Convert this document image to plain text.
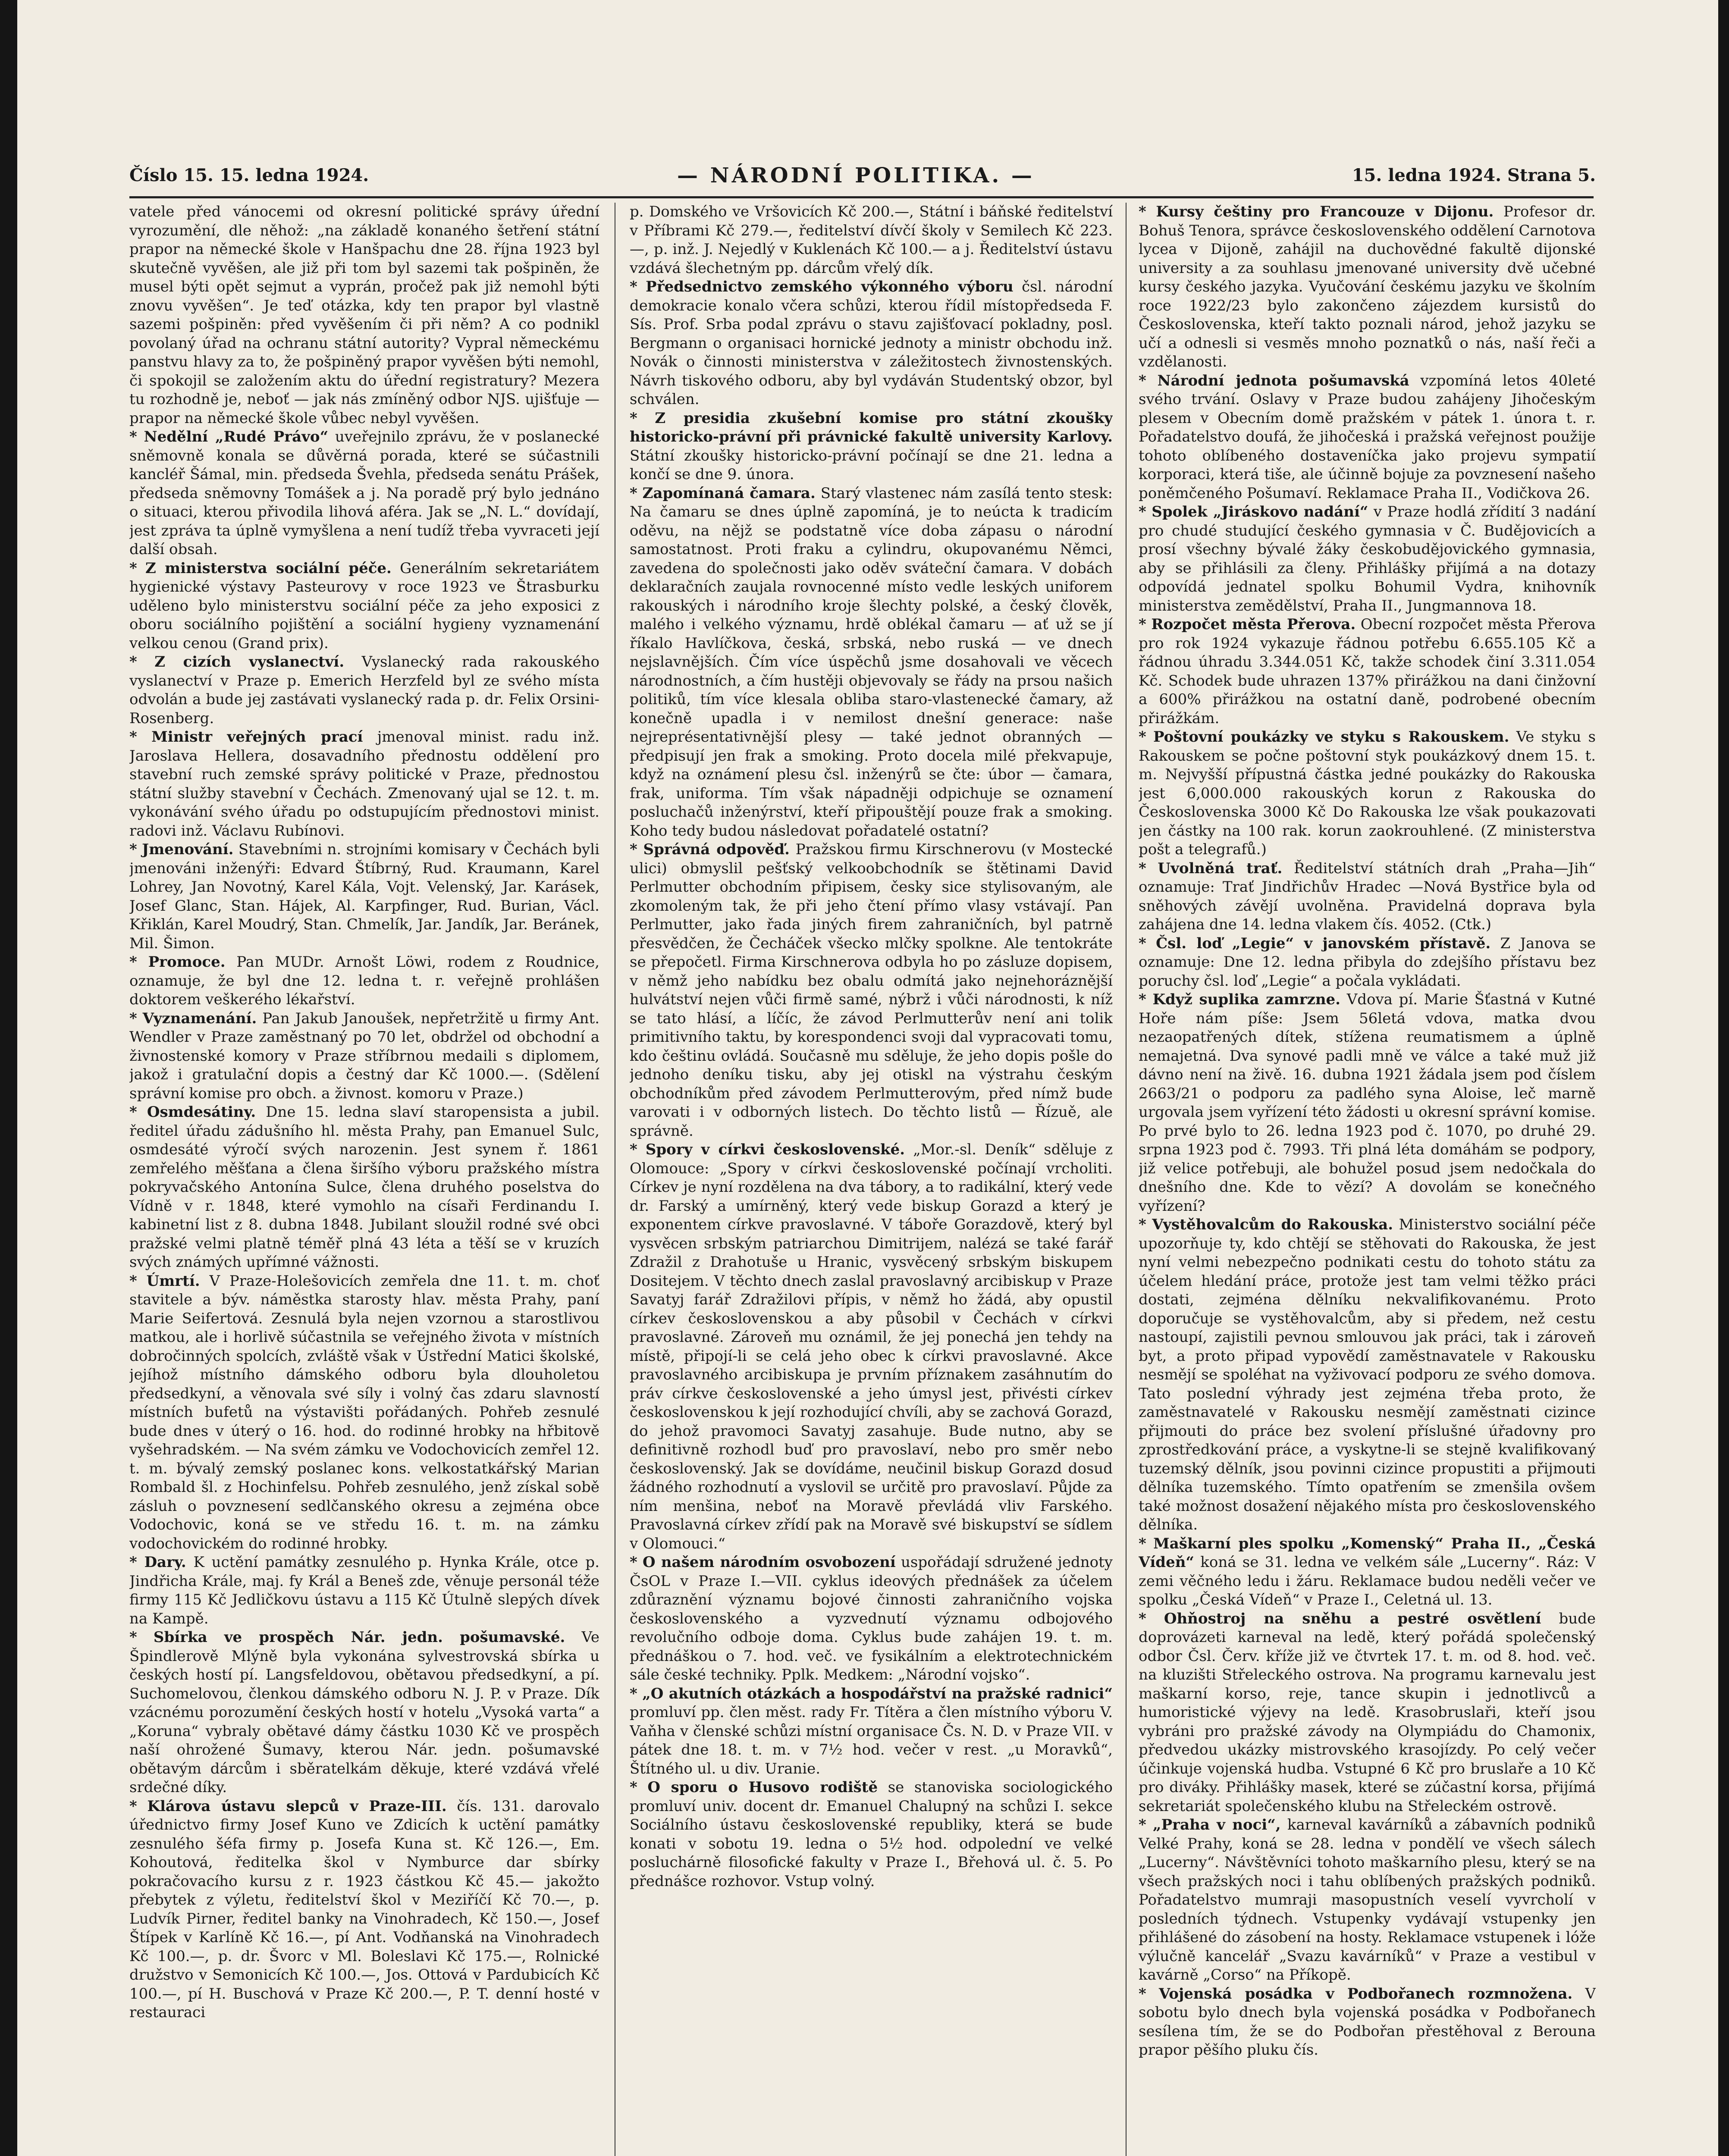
Číslo 15. 15. ledna 1924.	— NÁRODNÍ POLITIKA. —	15. ledna 1924. Strana 5.

vatele před vánocemi od okresní politické správy úřední vyrozumění, dle něhož: „na základě konaného šetření státní prapor na německé škole v Hanšpachu dne 28. října 1923 byl skutečně vyvěšen, ale již při tom byl sazemi tak pošpiněn, že musel býti opět sejmut a vyprán, pročež pak již nemohl býti znovu vyvěšen“. Je teď otázka, kdy ten prapor byl vlastně sazemi pošpiněn: před vyvěšením či při něm? A co podnikl povolaný úřad na ochranu státní autority? Vypral německému panstvu hlavy za to, že pošpiněný prapor vyvěšen býti nemohl, či spokojil se založením aktu do úřední registratury? Mezera tu rozhodně je, neboť — jak nás zmíněný odbor NJS. ujišťuje — prapor na německé škole vůbec nebyl vyvěšen.

* Nedělní „Rudé Právo“ uveřejnilo zprávu, že v poslanecké sněmovně konala se důvěrná porada, které se súčastnili kancléř Šámal, min. předseda Švehla, předseda senátu Prášek, předseda sněmovny Tomášek a j. Na poradě prý bylo jednáno o situaci, kterou přivodila lihová aféra. Jak se „N. L.“ dovídají, jest zpráva ta úplně vymyšlena a není tudíž třeba vyvraceti její další obsah.

* Z ministerstva sociální péče. Generálním sekretariátem hygienické výstavy Pasteurovy v roce 1923 ve Štrasburku uděleno bylo ministerstvu sociální péče za jeho exposici z oboru sociálního pojištění a sociální hygieny vyznamenání velkou cenou (Grand prix).

* Z cizích vyslanectví. Vyslanecký rada rakouského vyslanectví v Praze p. Emerich Herzfeld byl ze svého místa odvolán a bude jej zastávati vyslanecký rada p. dr. Felix Orsini-Rosenberg.

* Ministr veřejných prací jmenoval minist. radu inž. Jaroslava Hellera, dosavadního přednostu oddělení pro stavební ruch zemské správy politické v Praze, přednostou státní služby stavební v Čechách. Zmenovaný ujal se 12. t. m. vykonávání svého úřadu po odstupujícím přednostovi minist. radovi inž. Václavu Rubínovi.

* Jmenování. Stavebními n. strojními komisary v Čechách byli jmenováni inženýři: Edvard Štíbrný, Rud. Kraumann, Karel Lohrey, Jan Novotný, Karel Kála, Vojt. Velenský, Jar. Karásek, Josef Glanc, Stan. Hájek, Al. Karpfinger, Rud. Burian, Václ. Křiklán, Karel Moudrý, Stan. Chmelík, Jar. Jandík, Jar. Beránek, Mil. Šimon.

* Promoce. Pan MUDr. Arnošt Löwi, rodem z Roudnice, oznamuje, že byl dne 12. ledna t. r. veřejně prohlášen doktorem veškerého lékařství.

* Vyznamenání. Pan Jakub Janoušek, nepřetržitě u firmy Ant. Wendler v Praze zaměstnaný po 70 let, obdržel od obchodní a živnostenské komory v Praze stříbrnou medaili s diplomem, jakož i gratulační dopis a čestný dar Kč 1000.—. (Sdělení správní komise pro obch. a živnost. komoru v Praze.)

* Osmdesátiny. Dne 15. ledna slaví staropensista a jubil. ředitel úřadu zádušního hl. města Prahy, pan Emanuel Sulc, osmdesáté výročí svých narozenin. Jest synem ř. 1861 zemřelého měšťana a člena širšího výboru pražského místra pokryvačského Antonína Sulce, člena druhého poselstva do Vídně v r. 1848, které vymohlo na císaři Ferdinandu I. kabinetní list z 8. dubna 1848. Jubilant sloužil rodné své obci pražské velmi platně téměř plná 43 léta a těší se v kruzích svých známých upřímné vážnosti.

* Úmrtí. V Praze-Holešovicích zemřela dne 11. t. m. choť stavitele a býv. náměstka starosty hlav. města Prahy, paní Marie Seifertová. Zesnulá byla nejen vzornou a starostlivou matkou, ale i horlivě súčastnila se veřejného života v místních dobročinných spolcích, zvláště však v Ústřední Matici školské, jejíhož místního dámského odboru byla dlouholetou předsedkyní, a věnovala své síly i volný čas zdaru slavností místních bufetů na výstavišti pořádaných. Pohřeb zesnulé bude dnes v úterý o 16. hod. do rodinné hrobky na hřbitově vyšehradském. — Na svém zámku ve Vodochovicích zemřel 12. t. m. bývalý zemský poslanec kons. velkostatkářský Marian Rombald šl. z Hochinfelsu. Pohřeb zesnulého, jenž získal sobě zásluh o povznesení sedlčanského okresu a zejména obce Vodochovic, koná se ve středu 16. t. m. na zámku vodochovickém do rodinné hrobky.

* Dary. K uctění památky zesnulého p. Hynka Krále, otce p. Jindřicha Krále, maj. fy Král a Beneš zde, věnuje personál téže firmy 115 Kč Jedličkovu ústavu a 115 Kč Útulně slepých dívek na Kampě.

* Sbírka ve prospěch Nár. jedn. pošumavské. Ve Špindlerově Mlýně byla vykonána sylvestrovská sbírka u českých hostí pí. Langsfeldovou, obětavou předsedkyní, a pí. Suchomelovou, členkou dámského odboru N. J. P. v Praze. Dík vzácnému porozumění českých hostí v hotelu „Vysoká varta“ a „Koruna“ vybraly obětavé dámy částku 1030 Kč ve prospěch naší ohrožené Šumavy, kterou Nár. jedn. pošumavské obětavým dárcům i sběratelkám děkuje, které vzdává vřelé srdečné díky.

* Klárova ústavu slepců v Praze-III. čís. 131. darovalo úřednictvo firmy Josef Kuno ve Zdicích k uctění památky zesnulého šéfa firmy p. Josefa Kuna st. Kč 126.—, Em. Kohoutová, ředitelka škol v Nymburce dar sbírky pokračovacího kursu z r. 1923 částkou Kč 45.— jakožto přebytek z výletu, ředitelství škol v Meziříčí Kč 70.—, p. Ludvík Pirner, ředitel banky na Vinohradech, Kč 150.—, Josef Štípek v Karlíně Kč 16.—, pí Ant. Vodňanská na Vinohradech Kč 100.—, p. dr. Švorc v Ml. Boleslavi Kč 175.—, Rolnické družstvo v Semonicích Kč 100.—, Jos. Ottová v Pardubicích Kč 100.—, pí H. Buschová v Praze Kč 200.—, P. T. denní hosté v restauraci

p. Domského ve Vršovicích Kč 200.—, Státní i báňské ředitelství v Příbrami Kč 279.—, ředitelství dívčí školy v Semilech Kč 223.—, p. inž. J. Nejedlý v Kuklenách Kč 100.— a j. Ředitelství ústavu vzdává šlechetným pp. dárcům vřelý dík.

* Předsednictvo zemského výkonného výboru čsl. národní demokracie konalo včera schůzi, kterou řídil místopředseda F. Sís. Prof. Srba podal zprávu o stavu zajišťovací pokladny, posl. Bergmann o organisaci hornické jednoty a ministr obchodu inž. Novák o činnosti ministerstva v záležitostech živnostenských. Návrh tiskového odboru, aby byl vydáván Studentský obzor, byl schválen.

* Z presidia zkušební komise pro státní zkoušky historicko-právní při právnické fakultě university Karlovy. Státní zkoušky historicko-právní počínají se dne 21. ledna a končí se dne 9. února.

* Zapomínaná čamara. Starý vlastenec nám zasílá tento stesk: Na čamaru se dnes úplně zapomíná, je to neúcta k tradicím oděvu, na nějž se podstatně více doba zápasu o národní samostatnost. Proti fraku a cylindru, okupovanému Němci, zavedena do společnosti jako oděv sváteční čamara. V dobách deklaračních zaujala rovnocenné místo vedle leských uniforem rakouských i národního kroje šlechty polské, a český člověk, malého i velkého významu, hrdě oblékal čamaru — ať už se jí říkalo Havlíčkova, česká, srbská, nebo ruská — ve dnech nejslavnějších. Čím více úspěchů jsme dosahovali ve věcech národnostních, a čím hustěji objevovaly se řády na prsou našich politiků, tím více klesala obliba staro-vlastenecké čamary, až konečně upadla i v nemilost dnešní generace: naše nejreprésentativnější plesy — také jednot obranných — předpisují jen frak a smoking. Proto docela milé překvapuje, když na oznámení plesu čsl. inženýrů se čte: úbor — čamara, frak, uniforma. Tím však nápadněji odpichuje se oznamení posluchačů inženýrství, kteří připouštějí pouze frak a smoking. Koho tedy budou následovat pořadatelé ostatní?

* Správná odpověď. Pražskou firmu Kirschnerovu (v Mostecké ulici) obmyslil pešťský velkoobchodník se štětinami David Perlmutter obchodním připisem, česky sice stylisovaným, ale zkomoleným tak, že při jeho čtení přímo vlasy vstávají. Pan Perlmutter, jako řada jiných firem zahraničních, byl patrně přesvědčen, že Čecháček všecko mlčky spolkne. Ale tentokráte se přepočetl. Firma Kirschnerova odbyla ho po zásluze dopisem, v němž jeho nabídku bez obalu odmítá jako nejnehoráznější hulvátství nejen vůči firmě samé, nýbrž i vůči národnosti, k níž se tato hlásí, a líčíc, že závod Perlmutterův není ani tolik primitivního taktu, by korespondenci svoji dal vypracovati tomu, kdo češtinu ovládá. Současně mu sděluje, že jeho dopis pošle do jednoho deníku tisku, aby jej otiskl na výstrahu českým obchodníkům před závodem Perlmutterovým, před nímž bude varovati i v odborných listech. Do těchto listů — Řízuě, ale správně.

* Spory v církvi československé. „Mor.-sl. Deník“ sděluje z Olomouce: „Spory v církvi československé počínají vrcholiti. Církev je nyní rozdělena na dva tábory, a to radikální, který vede dr. Farský a umírněný, který vede biskup Gorazd a který je exponentem církve pravoslavné. V táboře Gorazdově, který byl vysvěcen srbským patriarchou Dimitrijem, nalézá se také farář Zdražil z Drahotuše u Hranic, vysvěcený srbským biskupem Dositejem. V těchto dnech zaslal pravoslavný arcibiskup v Praze Savatyj farář Zdražilovi přípis, v němž ho žádá, aby opustil církev československou a aby působil v Čechách v církvi pravoslavné. Zároveň mu oznámil, že jej ponechá jen tehdy na místě, připojí-li se celá jeho obec k církvi pravoslavné. Akce pravoslavného arcibiskupa je prvním příznakem zasáhnutím do práv církve československé a jeho úmysl jest, přivésti církev československou k její rozhodující chvíli, aby se zachová Gorazd, do jehož pravomoci Savatyj zasahuje. Bude nutno, aby se definitivně rozhodl buď pro pravoslaví, nebo pro směr nebo československý. Jak se dovídáme, neučinil biskup Gorazd dosud žádného rozhodnutí a vyslovil se určitě pro pravoslaví. Půjde za ním menšina, neboť na Moravě převládá vliv Farského. Pravoslavná církev zřídí pak na Moravě své biskupství se sídlem v Olomouci.“

* O našem národním osvobození uspořádají sdružené jednoty ČsOL v Praze I.—VII. cyklus ideových přednášek za účelem zdůraznění významu bojové činnosti zahraničního vojska československého a vyzvednutí významu odbojového revolučního odboje doma. Cyklus bude zahájen 19. t. m. přednáškou o 7. hod. več. ve fysikálním a elektrotechnickém sále české techniky. Pplk. Medkem: „Národní vojsko“.

* „O akutních otázkách a hospodářství na pražské radnici“ promluví pp. člen měst. rady Fr. Títěra a člen místního výboru V. Vaňha v členské schůzi místní organisace Čs. N. D. v Praze VII. v pátek dne 18. t. m. v 7½ hod. večer v rest. „u Moravků“, Štítného ul. u div. Uranie.

* O sporu o Husovo rodiště se stanoviska sociologického promluví univ. docent dr. Emanuel Chalupný na schůzi I. sekce Sociálního ústavu československé republiky, která se bude konati v sobotu 19. ledna o 5½ hod. odpolední ve velké posluchárně filosofické fakulty v Praze I., Břehová ul. č. 5. Po přednášce rozhovor. Vstup volný.

* Kursy češtiny pro Francouze v Dijonu. Profesor dr. Bohuš Tenora, správce československého oddělení Carnotova lycea v Dijoně, zahájil na duchovědné fakultě dijonské university a za souhlasu jmenované university dvě učebné kursy českého jazyka. Vyučování českému jazyku ve školním roce 1922/23 bylo zakončeno zájezdem kursistů do Československa, kteří takto poznali národ, jehož jazyku se učí a odnesli si vesměs mnoho poznatků o nás, naší řeči a vzdělanosti.

* Národní jednota pošumavská vzpomíná letos 40leté svého trvání. Oslavy v Praze budou zahájeny Jihočeským plesem v Obecním domě pražském v pátek 1. února t. r. Pořadatelstvo doufá, že jihočeská i pražská veřejnost použije tohoto oblíbeného dostaveníčka jako projevu sympatií korporaci, která tiše, ale účinně bojuje za povznesení našeho poněmčeného Pošumaví. Reklamace Praha II., Vodičkova 26.

* Spolek „Jiráskovo nadání“ v Praze hodlá zřídití 3 nadání pro chudé studující českého gymnasia v Č. Budějovicích a prosí všechny bývalé žáky českobudějovického gymnasia, aby se přihlásili za členy. Přihlášky přijímá a na dotazy odpovídá jednatel spolku Bohumil Vydra, knihovník ministerstva zemědělství, Praha II., Jungmannova 18.

* Rozpočet města Přerova. Obecní rozpočet města Přerova pro rok 1924 vykazuje řádnou potřebu 6.655.105 Kč a řádnou úhradu 3.344.051 Kč, takže schodek činí 3.311.054 Kč. Schodek bude uhrazen 137% přirážkou na dani činžovní a 600% přirážkou na ostatní daně, podrobené obecním přirážkám.

* Poštovní poukázky ve styku s Rakouskem. Ve styku s Rakouskem se počne poštovní styk poukázkový dnem 15. t. m. Nejvyšší přípustná částka jedné poukázky do Rakouska jest 6,000.000 rakouských korun z Rakouska do Československa 3000 Kč Do Rakouska lze však poukazovati jen částky na 100 rak. korun zaokrouhlené. (Z ministerstva pošt a telegrafů.)

* Uvolněná trať. Ředitelství státních drah „Praha—Jih“ oznamuje: Trať Jindřichův Hradec —Nová Bystřice byla od sněhových závějí uvolněna. Pravidelná doprava byla zahájena dne 14. ledna vlakem čís. 4052. (Ctk.)

* Čsl. loď „Legie“ v janovském přístavě. Z Janova se oznamuje: Dne 12. ledna přibyla do zdejšího přístavu bez poruchy čsl. loď „Legie“ a počala vykládati.

* Když suplika zamrzne. Vdova pí. Marie Šťastná v Kutné Hoře nám píše: Jsem 56letá vdova, matka dvou nezaopatřených dítek, stížena reumatismem a úplně nemajetná. Dva synové padli mně ve válce a také muž již dávno není na živě. 16. dubna 1921 žádala jsem pod číslem 2663/21 o podporu za padlého syna Aloise, leč marně urgovala jsem vyřízení této žádosti u okresní správní komise. Po prvé bylo to 26. ledna 1923 pod č. 1070, po druhé 29. srpna 1923 pod č. 7993. Tři plná léta domáhám se podpory, již velice potřebuji, ale bohužel posud jsem nedočkala do dnešního dne. Kde to vězí? A dovolám se konečného vyřízení?

* Vystěhovalcům do Rakouska. Ministerstvo sociální péče upozorňuje ty, kdo chtějí se stěhovati do Rakouska, že jest nyní velmi nebezpečno podnikati cestu do tohoto státu za účelem hledání práce, protože jest tam velmi těžko práci dostati, zejména dělníku nekvalifikovanému. Proto doporučuje se vystěhovalcům, aby si předem, než cestu nastoupí, zajistili pevnou smlouvou jak práci, tak i zároveň byt, a proto připad vypovědí zaměstnavatele v Rakousku nesmějí se spoléhat na vyživovací podporu ze svého domova. Tato poslední výhrady jest zejména třeba proto, že zaměstnavatelé v Rakousku nesmějí zaměstnati cizince přijmouti do práce bez svolení příslušné úřadovny pro zprostředkování práce, a vyskytne-li se stejně kvalifikovaný tuzemský dělník, jsou povinni cizince propustiti a přijmouti dělníka tuzemského. Tímto opatřením se zmenšila ovšem také možnost dosažení nějakého místa pro československého dělníka.

* Maškarní ples spolku „Komenský“ Praha II., „Česká Vídeň“ koná se 31. ledna ve velkém sále „Lucerny“. Ráz: V zemi věčného ledu i žáru. Reklamace budou neděli večer ve spolku „Česká Vídeň“ v Praze I., Celetná ul. 13.

* Ohňostroj na sněhu a pestré osvětlení bude doprovázeti karneval na ledě, který pořádá společenský odbor Čsl. Červ. kříže již ve čtvrtek 17. t. m. od 8. hod. več. na kluzišti Střeleckého ostrova. Na programu karnevalu jest maškarní korso, reje, tance skupin i jednotlivců a humoristické výjevy na ledě. Krasobruslaři, kteří jsou vybráni pro pražské závody na Olympiádu do Chamonix, předvedou ukázky mistrovského krasojízdy. Po celý večer účinkuje vojenská hudba. Vstupné 6 Kč pro bruslaře a 10 Kč pro diváky. Přihlášky masek, které se zúčastní korsa, přijímá sekretariát společenského klubu na Střeleckém ostrově.

* „Praha v noci“, karneval kavárníků a zábavních podniků Velké Prahy, koná se 28. ledna v pondělí ve všech sálech „Lucerny“. Návštěvníci tohoto maškarního plesu, který se na všech pražských noci i tahu oblíbených pražských podniků. Pořadatelstvo mumraji masopustních veselí vyvrcholí v posledních týdnech. Vstupenky vydávají vstupenky jen přihlášené do zásobení na hosty. Reklamace vstupenek i lóže výlučně kancelář „Svazu kavárníků“ v Praze a vestibul v kavárně „Corso“ na Příkopě.

* Vojenská posádka v Podbořanech rozmnožena. V sobotu bylo dnech byla vojenská posádka v Podbořanech sesílena tím, že se do Podbořan přestěhoval z Berouna prapor pěšího pluku čís.
